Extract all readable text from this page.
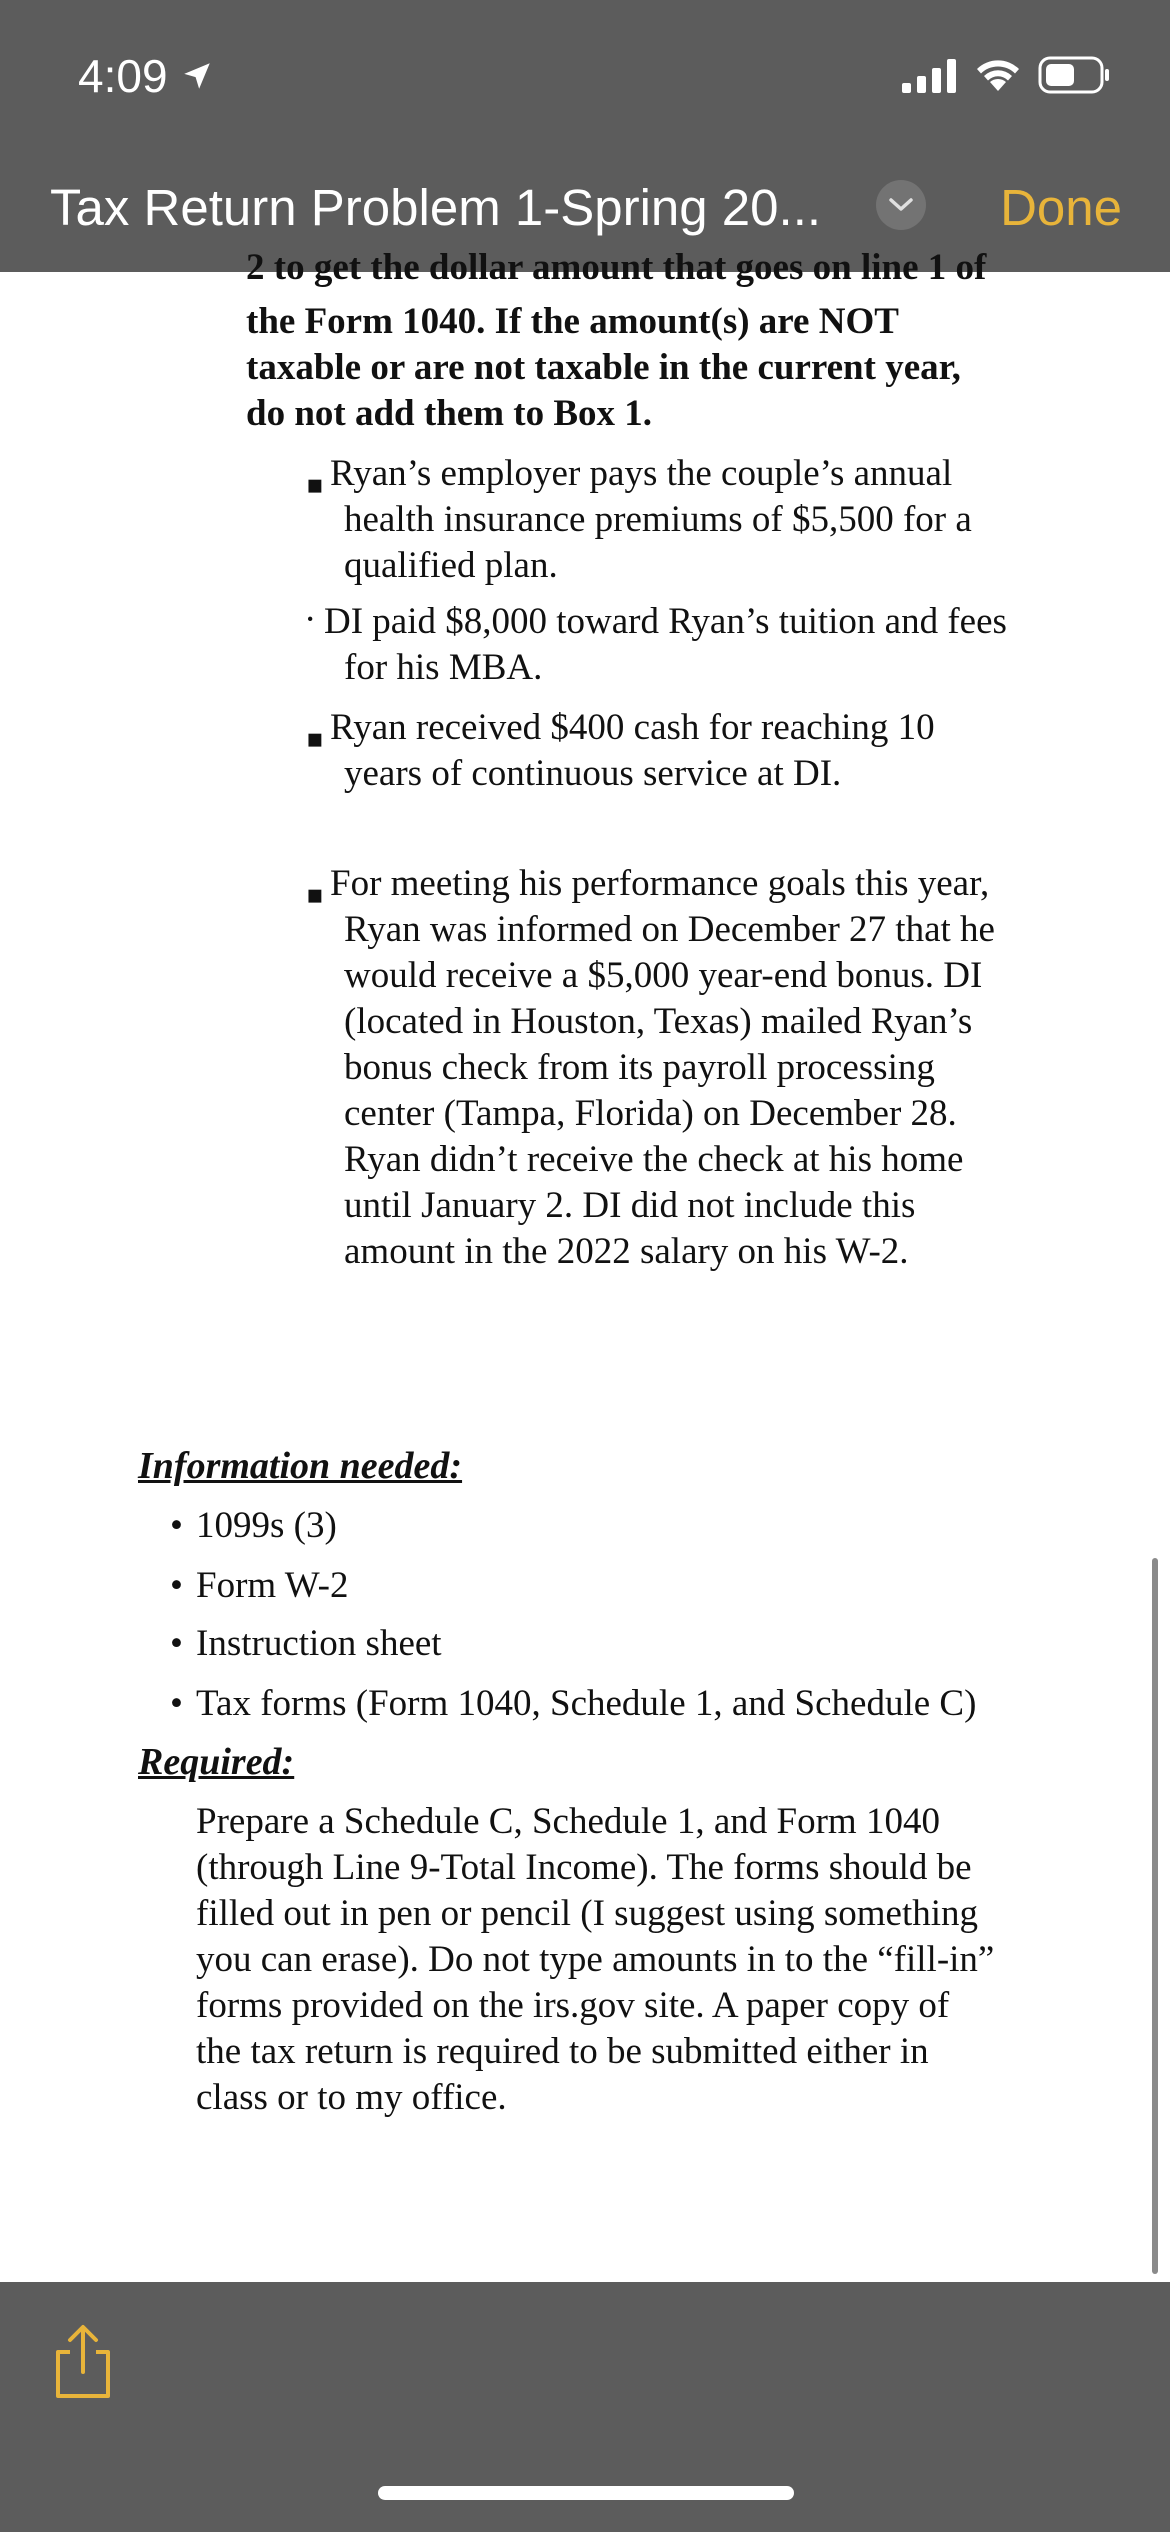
4:09
Tax Return Problem 1-Spring 20...	Done
2 to get the dollar amount that goes on line 1 of
the Form 1040. If the amount(s) are NOT
taxable or are not taxable in the current year,
do not add them to Box 1.
▪ Ryan’s employer pays the couple’s annual
health insurance premiums of $5,500 for a
qualified plan.
· DI paid $8,000 toward Ryan’s tuition and fees
for his MBA.
▪ Ryan received $400 cash for reaching 10
years of continuous service at DI.
▪ For meeting his performance goals this year,
Ryan was informed on December 27 that he
would receive a $5,000 year-end bonus. DI
(located in Houston, Texas) mailed Ryan’s
bonus check from its payroll processing
center (Tampa, Florida) on December 28.
Ryan didn’t receive the check at his home
until January 2. DI did not include this
amount in the 2022 salary on his W-2.
Information needed:
• 1099s (3)
• Form W-2
• Instruction sheet
• Tax forms (Form 1040, Schedule 1, and Schedule C)
Required:
Prepare a Schedule C, Schedule 1, and Form 1040
(through Line 9-Total Income). The forms should be
filled out in pen or pencil (I suggest using something
you can erase). Do not type amounts in to the “fill-in”
forms provided on the irs.gov site. A paper copy of
the tax return is required to be submitted either in
class or to my office.
